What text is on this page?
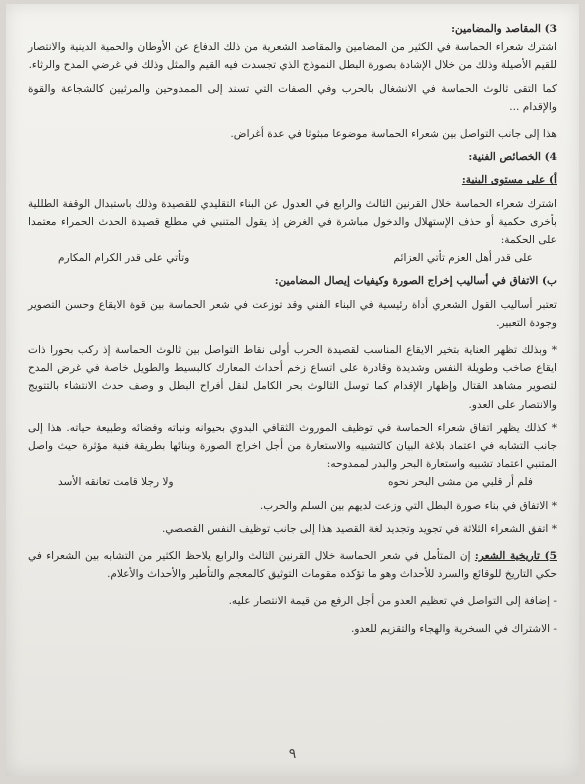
3) المقاصد والمضامين:

اشترك شعراء الحماسة في الكثير من المضامين والمقاصد الشعرية من ذلك الدفاع عن الأوطان والحمية الدينية والانتصار للقيم الأصيلة وذلك من خلال الإشادة بصورة البطل النموذج الذي تجسدت فيه القيم والمثل وذلك في غرضي المدح والرثاء.

كما التقى ثالوث الحماسة في الانشغال بالحرب وفي الصفات التي تسند إلى الممدوحين والمرثيين كالشجاعة والقوة والإقدام ...

هذا إلى جانب التواصل بين شعراء الحماسة موضوعا مبثوثا في عدة أغراض.

4) الخصائص الفنية:

أ) على مستوى البنية:

اشترك شعراء الحماسة خلال القرنين الثالث والرابع في العدول عن البناء التقليدي للقصيدة وذلك باستبدال الوقفة الطللية بأخرى حكمية أو حذف الإستهلال والدخول مباشرة في الغرض إذ يقول المتنبي في مطلع قصيدة الحدث الحمراء معتمدا على الحكمة:

على قدر أهل العزم تأتي العزائم
وتأتي على قدر الكرام المكارم

ب) الاتفاق في أساليب إخراج الصورة وكيفيات إيصال المضامين:

تعتبر أساليب القول الشعري أداة رئيسية في البناء الفني وقد توزعت في شعر الحماسة بين قوة الايقاع وحسن التصوير وجودة التعبير.

* وبذلك تظهر العناية بتخير الايقاع المناسب لقصيدة الحرب أولى نقاط التواصل بين ثالوث الحماسة إذ ركب بحورا ذات ايقاع صاخب وطويلة النفس وشديدة وقادرة على اتساع زخم أحداث المعارك كالبسيط والطويل خاصة في غرض المدح لتصوير مشاهد القتال وإظهار الإقدام كما توسل الثالوث بحر الكامل لنقل أفراح البطل و وصف حدث الانتشاء بالتتويج والانتصار على العدو.

* كذلك يظهر اتفاق شعراء الحماسة في توظيف الموروث الثقافي البدوي بحيوانه ونباته وفضائه وطبيعة حياته. هذا إلى جانب التشابه في اعتماد بلاغة البيان كالتشبيه والاستعارة من أجل اخراج الصورة وبنائها بطريقة فنية مؤثرة حيث واصل المتنبي اعتماد تشبيه واستعارة البحر والبدر لممدوحه:

فلم أر قلبي من مشى البحر نحوه
ولا رجلا قامت تعانقه الأسد

* الاتفاق في بناء صورة البطل التي وزعت لديهم بين السلم والحرب.

* اتفق الشعراء الثلاثة في تجويد وتجديد لغة القصيد هذا إلى جانب توظيف النفس القصصي.

5) تاريخية الشعر: إن المتأمل في شعر الحماسة خلال القرنين الثالث والرابع يلاحظ الكثير من التشابه بين الشعراء في حكي التاريخ للوقائع والسرد للأحداث وهو ما تؤكده مقومات التوثيق كالمعجم والتأطير والأحداث والأعلام.

- إضافة إلى التواصل في تعظيم العدو من أجل الرفع من قيمة الانتصار عليه.

- الاشتراك في السخرية والهجاء والتقزيم للعدو.

٩
